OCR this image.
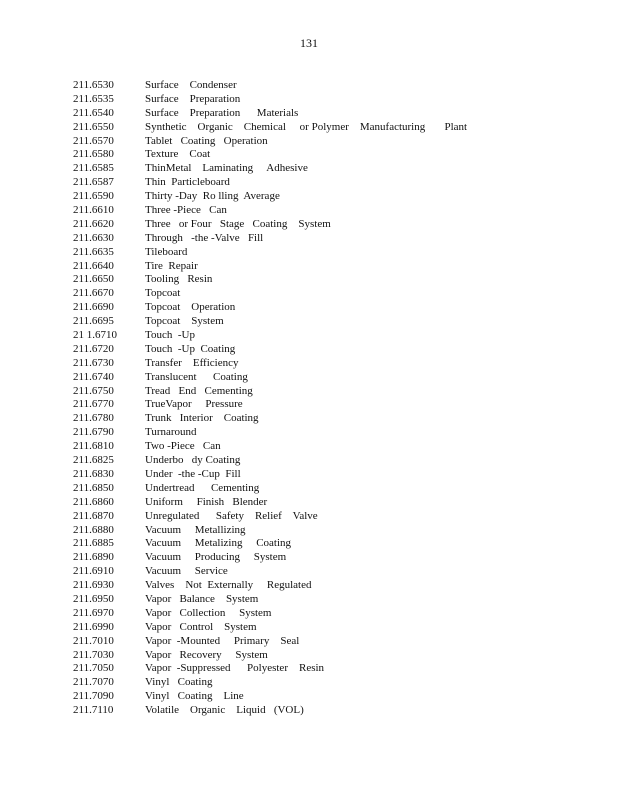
131
211.6530	Surface    Condenser
211.6535	Surface    Preparation
211.6540	Surface    Preparation      Materials
211.6550	Synthetic    Organic    Chemical     or Polymer    Manufacturing       Plant
211.6570	Tablet   Coating   Operation
211.6580	Texture    Coat
211.6585	ThinMetal    Laminating     Adhesive
211.6587	Thin  Particleboard
211.6590	Thirty -Day  Ro lling  Average
211.6610	Three -Piece   Can
211.6620	Three   or Four   Stage   Coating    System
211.6630	Through   -the -Valve   Fill
211.6635	Tileboard
211.6640	Tire  Repair
211.6650	Tooling   Resin
211.6670	Topcoat
211.6690	Topcoat    Operation
211.6695	Topcoat    System
21 1.6710	Touch  -Up
211.6720	Touch  -Up  Coating
211.6730	Transfer    Efficiency
211.6740	Translucent      Coating
211.6750	Tread   End   Cementing
211.6770	TrueVapor     Pressure
211.6780	Trunk   Interior    Coating
211.6790	Turnaround
211.6810	Two -Piece   Can
211.6825	Underbo   dy Coating
211.6830	Under  -the -Cup  Fill
211.6850	Undertread      Cementing
211.6860	Uniform     Finish   Blender
211.6870	Unregulated      Safety    Relief    Valve
211.6880	Vacuum     Metallizing
211.6885	Vacuum     Metalizing     Coating
211.6890	Vacuum     Producing     System
211.6910	Vacuum     Service
211.6930	Valves    Not  Externally     Regulated
211.6950	Vapor   Balance    System
211.6970	Vapor   Collection     System
211.6990	Vapor   Control    System
211.7010	Vapor  -Mounted     Primary    Seal
211.7030	Vapor   Recovery     System
211.7050	Vapor  -Suppressed      Polyester    Resin
211.7070	Vinyl   Coating
211.7090	Vinyl   Coating    Line
211.7110	Volatile    Organic    Liquid   (VOL)
